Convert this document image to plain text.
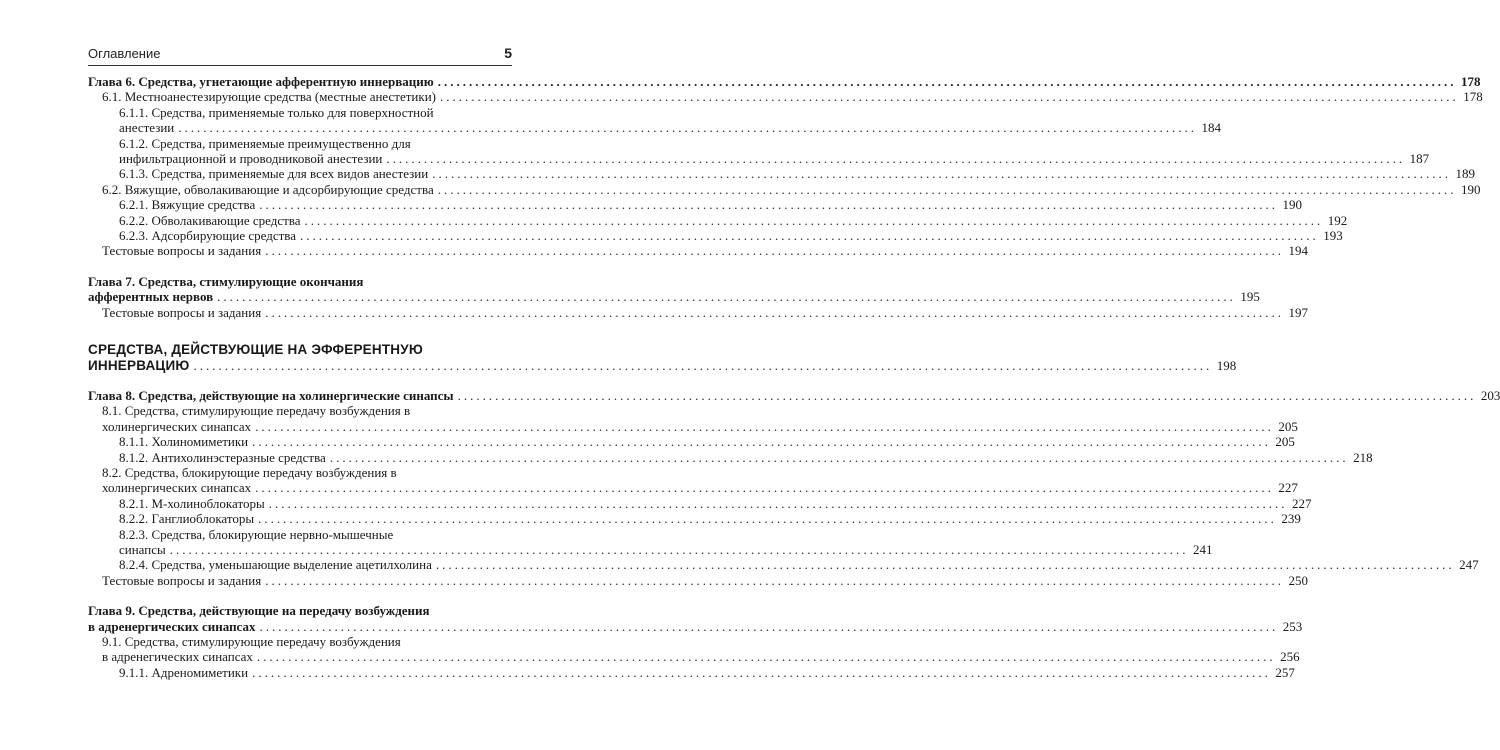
Оглавление	5
Глава 6. Средства, угнетающие афферентную иннервацию .....	178
6.1. Местноанестезирующие средства (местные анестетики) .....	178
6.1.1. Средства, применяемые только для поверхностной
анестезии .....	184
6.1.2. Средства, применяемые преимущественно для
инфильтрационной и проводниковой анестезии .....	187
6.1.3. Средства, применяемые для всех видов анестезии .....	189
6.2. Вяжущие, обволакивающие и адсорбирующие средства .....	190
6.2.1. Вяжущие средства .....	190
6.2.2. Обволакивающие средства .....	192
6.2.3. Адсорбирующие средства .....	193
Тестовые вопросы и задания .....	194
Глава 7. Средства, стимулирующие окончания
афферентных нервов .....	195
Тестовые вопросы и задания .....	197
СРЕДСТВА, ДЕЙСТВУЮЩИЕ НА ЭФФЕРЕНТНУЮ
ИННЕРВАЦИЮ .....	198
Глава 8. Средства, действующие на холинергические синапсы .....	203
8.1. Средства, стимулирующие передачу возбуждения в
холинергических синапсах .....	205
8.1.1. Холиномиметики .....	205
8.1.2. Антихолинэстеразные средства .....	218
8.2. Средства, блокирующие передачу возбуждения в
холинергических синапсах .....	227
8.2.1. М-холиноблокаторы .....	227
8.2.2. Ганглиоблокаторы .....	239
8.2.3. Средства, блокирующие нервно-мышечные
синапсы .....	241
8.2.4. Средства, уменьшающие выделение ацетилхолина .....	247
Тестовые вопросы и задания .....	250
Глава 9. Средства, действующие на передачу возбуждения
в адренергических синапсах .....	253
9.1. Средства, стимулирующие передачу возбуждения
в адренегических синапсах .....	256
9.1.1. Адреномиметики .....	257
